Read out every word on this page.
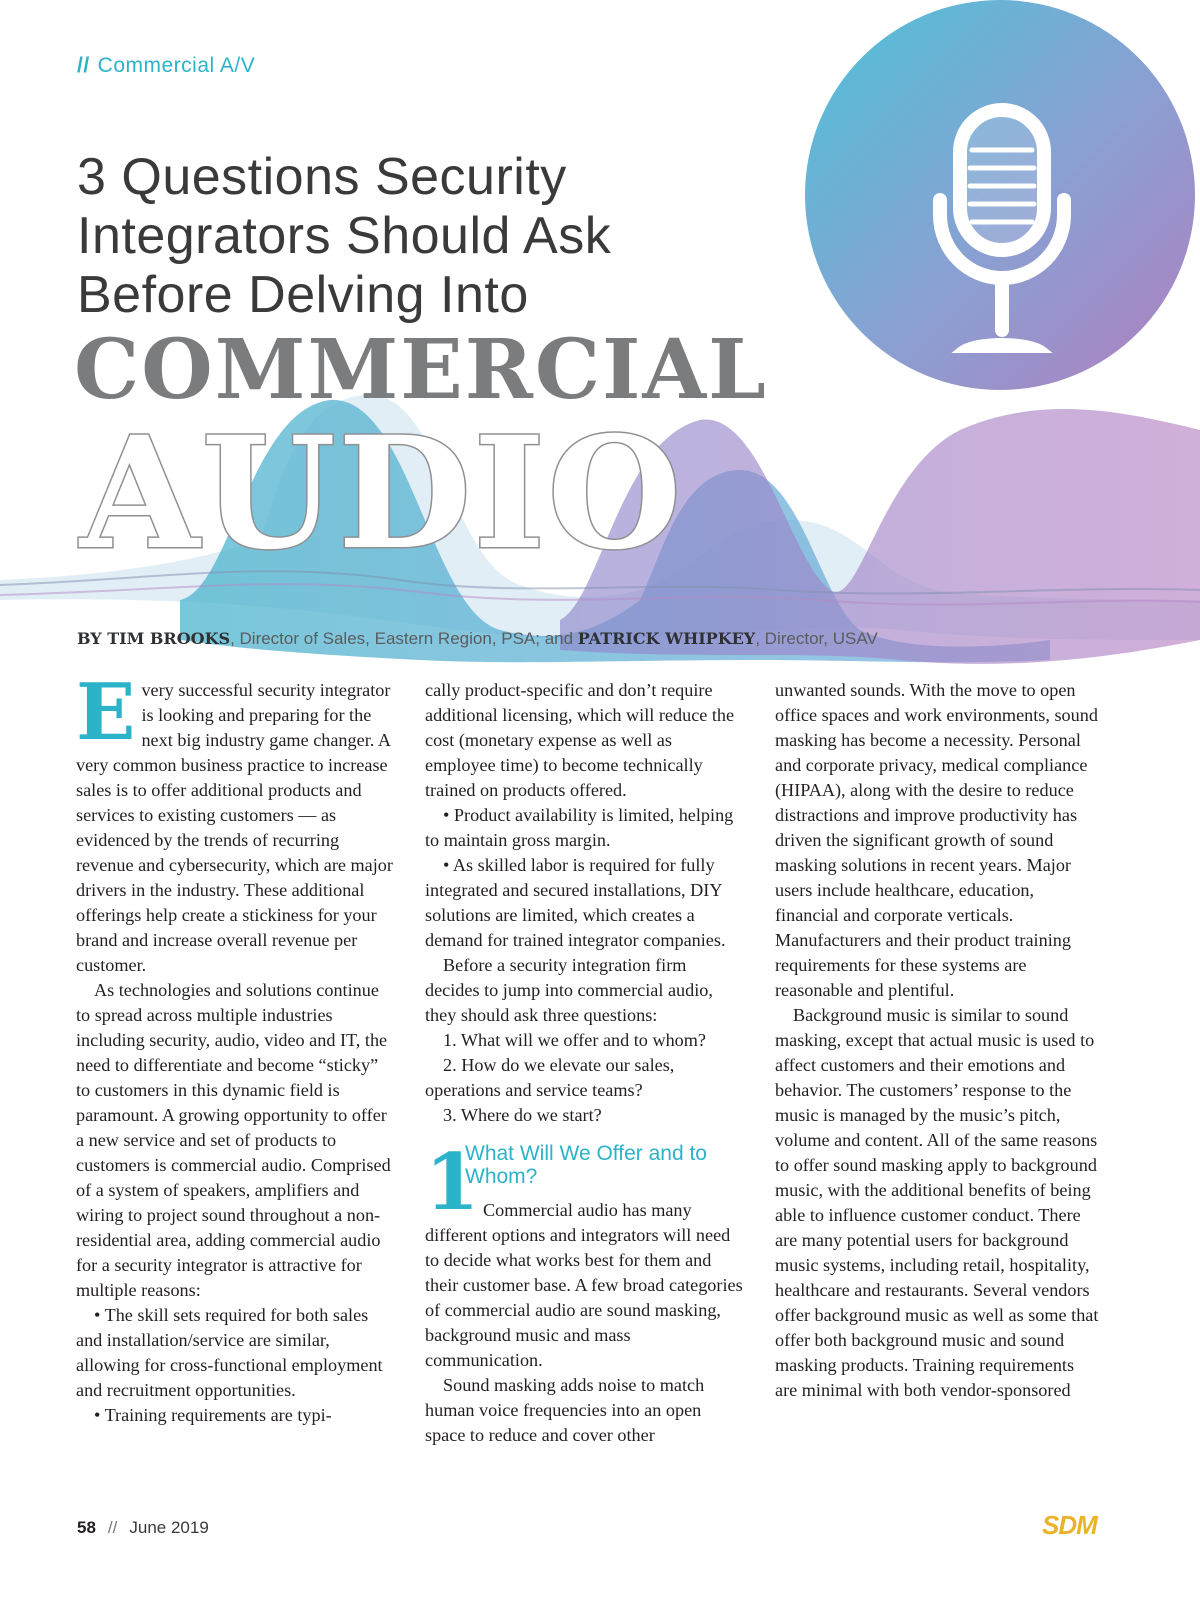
// Commercial A/V
3 Questions Security
Integrators Should Ask
Before Delving Into
COMMERCIAL
AUDIO
BY TIM BROOKS, Director of Sales, Eastern Region, PSA; and PATRICK WHIPKEY, Director, USAV

Every successful security integrator is looking and preparing for the next big industry game changer. A very common business practice to increase sales is to offer additional products and services to existing customers — as evidenced by the trends of recurring revenue and cybersecurity, which are major drivers in the industry. These additional offerings help create a stickiness for your brand and increase overall revenue per customer.

As technologies and solutions continue to spread across multiple industries including security, audio, video and IT, the need to differentiate and become “sticky” to customers in this dynamic field is paramount. A growing opportunity to offer a new service and set of products to customers is commercial audio. Comprised of a system of speakers, amplifiers and wiring to project sound throughout a non-residential area, adding commercial audio for a security integrator is attractive for multiple reasons:

• The skill sets required for both sales and installation/service are similar, allowing for cross-functional employment and recruitment opportunities.

• Training requirements are typi-

cally product-specific and don’t require additional licensing, which will reduce the cost (monetary expense as well as employee time) to become technically trained on products offered.

• Product availability is limited, helping to maintain gross margin.

• As skilled labor is required for fully integrated and secured installations, DIY solutions are limited, which creates a demand for trained integrator companies.

Before a security integration firm decides to jump into commercial audio, they should ask three questions:

1. What will we offer and to whom?

2. How do we elevate our sales, operations and service teams?

3. Where do we start?

1
What Will We Offer and to Whom?

Commercial audio has many different options and integrators will need to decide what works best for them and their customer base. A few broad categories of commercial audio are sound masking, background music and mass communication.

Sound masking adds noise to match human voice frequencies into an open space to reduce and cover other

unwanted sounds. With the move to open office spaces and work environments, sound masking has become a necessity. Personal and corporate privacy, medical compliance (HIPAA), along with the desire to reduce distractions and improve productivity has driven the significant growth of sound masking solutions in recent years. Major users include healthcare, education, financial and corporate verticals. Manufacturers and their product training requirements for these systems are reasonable and plentiful.

Background music is similar to sound masking, except that actual music is used to affect customers and their emotions and behavior. The customers’ response to the music is managed by the music’s pitch, volume and content. All of the same reasons to offer sound masking apply to background music, with the additional benefits of being able to influence customer conduct. There are many potential users for background music systems, including retail, hospitality, healthcare and restaurants. Several vendors offer background music as well as some that offer both background music and sound masking products. Training requirements are minimal with both vendor-sponsored

58 // June 2019	SDM
